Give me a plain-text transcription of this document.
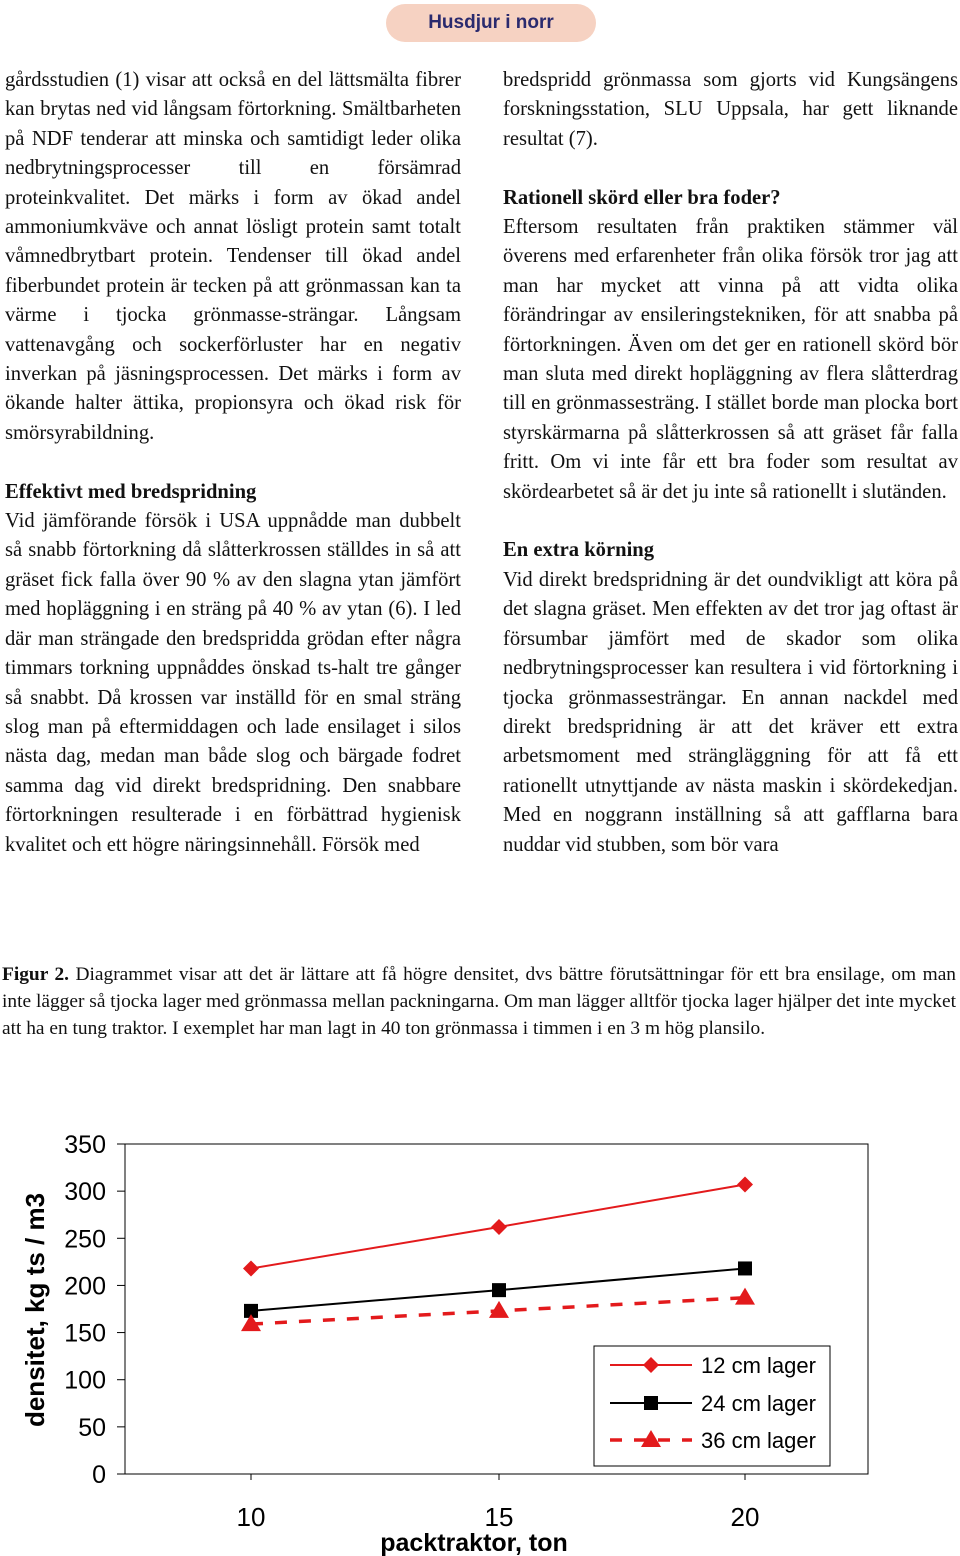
Husdjur i norr

gårdsstudien (1) visar att också en del lättsmälta fibrer kan brytas ned vid långsam förtorkning. Smältbarheten på NDF tenderar att minska och samtidigt leder olika nedbrytningsprocesser till en försämrad proteinkvalitet. Det märks i form av ökad andel ammoniumkväve och annat lösligt protein samt totalt våmnedbrytbart protein. Tendenser till ökad andel fiberbundet protein är tecken på att grönmassan kan ta värme i tjocka grönmasse-strängar. Långsam vattenavgång och sockerförluster har en negativ inverkan på jäsningsprocessen. Det märks i form av ökande halter ättika, propionsyra och ökad risk för smörsyrabildning.

Effektivt med bredspridning

Vid jämförande försök i USA uppnådde man dubbelt så snabb förtorkning då slåtterkrossen ställdes in så att gräset fick falla över 90 % av den slagna ytan jämfört med hopläggning i en sträng på 40 % av ytan (6). I led där man strängade den bredspridda grödan efter några timmars torkning uppnåddes önskad ts-halt tre gånger så snabbt. Då krossen var inställd för en smal sträng slog man på eftermiddagen och lade ensilaget i silos nästa dag, medan man både slog och bärgade fodret samma dag vid direkt bredspridning. Den snabbare förtorkningen resulterade i en förbättrad hygienisk kvalitet och ett högre näringsinnehåll. Försök med

bredspridd grönmassa som gjorts vid Kungsängens forskningsstation, SLU Uppsala, har gett liknande resultat (7).

Rationell skörd eller bra foder?

Eftersom resultaten från praktiken stämmer väl överens med erfarenheter från olika försök tror jag att man har mycket att vinna på att vidta olika förändringar av ensileringstekniken, för att snabba på förtorkningen. Även om det ger en rationell skörd bör man sluta med direkt hopläggning av flera slåtterdrag till en grönmassesträng. I stället borde man plocka bort styrskärmarna på slåtterkrossen så att gräset får falla fritt. Om vi inte får ett bra foder som resultat av skördearbetet så är det ju inte så rationellt i slutänden.

En extra körning

Vid direkt bredspridning är det oundvikligt att köra på det slagna gräset. Men effekten av det tror jag oftast är försumbar jämfört med de skador som olika nedbrytningsprocesser kan resultera i vid förtorkning i tjocka grönmassesträngar. En annan nackdel med direkt bredspridning är att det kräver ett extra arbetsmoment med strängläggning för att få ett rationellt utnyttjande av nästa maskin i skördekedjan. Med en noggrann inställning så att gafflarna bara nuddar vid stubben, som bör vara

Figur 2. Diagrammet visar att det är lättare att få högre densitet, dvs bättre förutsättningar för ett bra ensilage, om man inte lägger så tjocka lager med grönmassa mellan packningarna. Om man lägger alltför tjocka lager hjälper det inte mycket att ha en tung traktor. I exemplet har man lagt in 40 ton grönmassa i timmen i en 3 m hög plansilo.
0
50
100
150
200
250
300
350
10	15	20
densitet, kg ts / m3
packtraktor, ton
12 cm lager
24 cm lager
36 cm lager
